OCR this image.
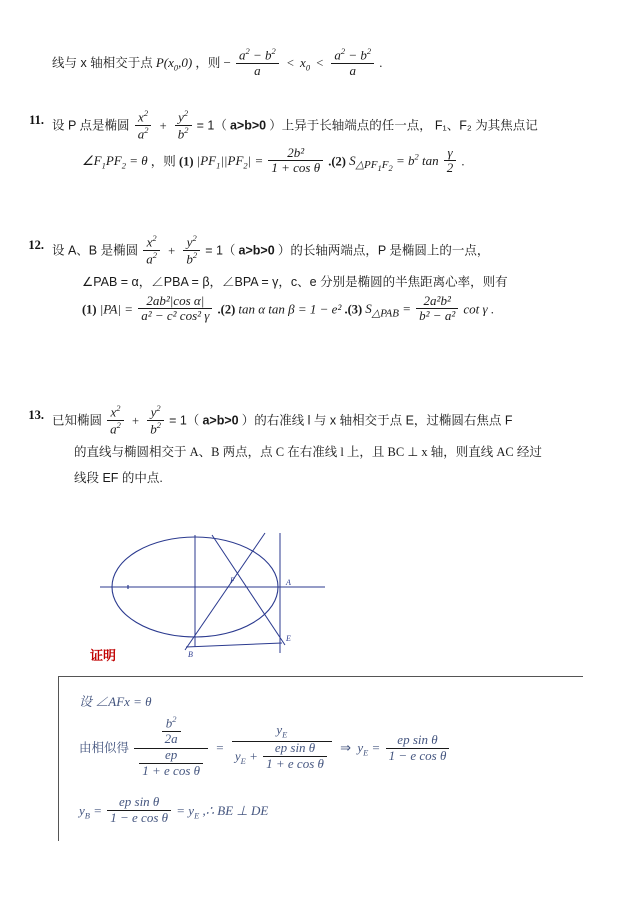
线与 x 轴相交于点 $P(x_0,0)$ ，则 − $\frac{a^2 - b^2}{a} < x_0 < \frac{a^2 - b^2}{a}$ .
11. 设 P 点是椭圆 $\frac{x^2}{a^2} + \frac{y^2}{b^2} = 1$（ a>b>0 ）上异于长轴端点的任一点， F₁、F₂ 为其焦点记
$\angle F_1PF_2 = \theta$ ，则 (1) $|PF_1||PF_2| = \frac{\text{2b²}}{\text{1 + cos θ}} .(2) S_{\triangle PF_1F_2} = b^2$ $\tan \frac{\gamma}{2}$ .
12. 设 A、B 是椭圆 $\frac{x^2}{a^2} + \frac{y^2}{b^2} = 1$（ a>b>0 ）的长轴两端点，P 是椭圆上的一点，
∠PAB = α，∠PBA = β，∠BPA = γ，c、e 分别是椭圆的半焦距离心率，则有
(1) $|PA| = \frac{\text{2ab²|cos α|}}{\text{a² − c² cos² γ}} .(2)$ tan α tan β = 1 − e² .(3) $S_{\triangle PAB} = \frac{\text{2a²b²}}{\text{b² − a²}}$ cot γ .
13. 已知椭圆 $\frac{x^2}{a^2} + \frac{y^2}{b^2} = 1$（ a>b>0 ）的右准线 l 与 x 轴相交于点 E，过椭圆右焦点 F
的直线与椭圆相交于 A、B 两点，点 C 在右准线 l 上，且 BC ⊥ x 轴，则直线 AC 经过
线段 EF 的中点.
F	A
B
E
证明
设 ∠AFx = θ
由相似得 $\frac{\frac{b^2}{2a}}{\frac{ep}{\text{1 + e cos θ}}}$ =
$y_E$
$y_E + \frac{\text{ep sin θ}}{\text{1 + e cos θ}}$ ⇒ $y_E = \frac{\text{ep sin θ}}{\text{1 − e cos θ}}$
$y_B = \frac{\text{ep sin θ}}{\text{1 − e cos θ}} = y_E$ ,∴ BE ⊥ DE
